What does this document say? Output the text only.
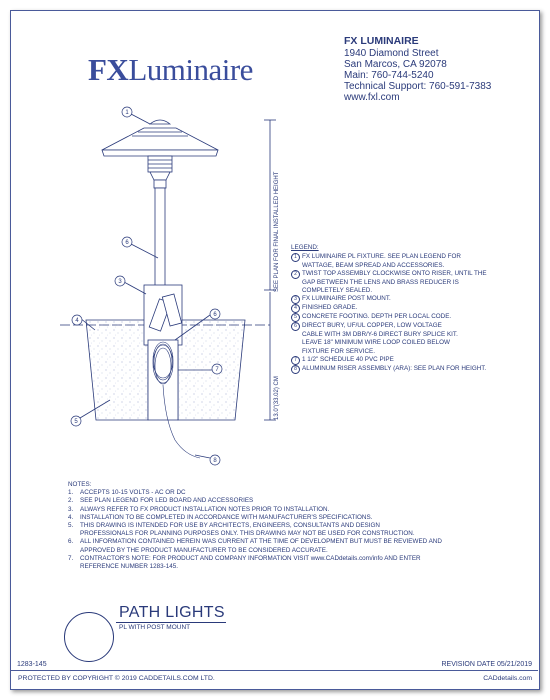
FXLuminaire
FX LUMINAIRE
1940 Diamond Street
San Marcos, CA 92078
Main: 760-744-5240
Technical Support: 760-591-7383
www.fxl.com
SEE PLAN FOR FINAL INSTALLED HEIGHT
13.0"(33.02) CM
1
6
3
4
6
7
5
8
LEGEND:
1 FX LUMINAIRE PL FIXTURE. SEE PLAN LEGEND FOR
WATTAGE, BEAM SPREAD AND ACCESSORIES.
2 TWIST TOP ASSEMBLY CLOCKWISE ONTO RISER, UNTIL THE
GAP BETWEEN THE LENS AND BRASS REDUCER IS
COMPLETELY SEALED.
3 FX LUMINAIRE POST MOUNT.
4 FINISHED GRADE.
5 CONCRETE FOOTING. DEPTH PER LOCAL CODE.
6 DIRECT BURY, UF/UL COPPER, LOW VOLTAGE
CABLE WITH 3M DBR/Y-6 DIRECT BURY SPLICE KIT.
LEAVE 18" MINIMUM WIRE LOOP COILED BELOW
FIXTURE FOR SERVICE.
7 1 1/2" SCHEDULE 40 PVC PIPE
8 ALUMINUM RISER ASSEMBLY (ARA): SEE PLAN FOR HEIGHT.
NOTES:
1.	ACCEPTS 10-15 VOLTS - AC OR DC
2.	SEE PLAN LEGEND FOR LED BOARD AND ACCESSORIES
3.	ALWAYS REFER TO FX PRODUCT INSTALLATION NOTES PRIOR TO INSTALLATION.
4.	INSTALLATION TO BE COMPLETED IN ACCORDANCE WITH MANUFACTURER'S SPECIFICATIONS.
5.	THIS DRAWING IS INTENDED FOR USE BY ARCHITECTS, ENGINEERS, CONSULTANTS AND DESIGN
PROFESSIONALS FOR PLANNING PURPOSES ONLY. THIS DRAWING MAY NOT BE USED FOR CONSTRUCTION.
6.	ALL INFORMATION CONTAINED HEREIN WAS CURRENT AT THE TIME OF DEVELOPMENT BUT MUST BE REVIEWED AND
APPROVED BY THE PRODUCT MANUFACTURER TO BE CONSIDERED ACCURATE.
7.	CONTRACTOR'S NOTE: FOR PRODUCT AND COMPANY INFORMATION VISIT www.CADdetails.com/info AND ENTER
REFERENCE NUMBER 1283-145.
PATH LIGHTS
PL WITH POST MOUNT
1283-145	REVISION DATE 05/21/2019
PROTECTED BY COPYRIGHT © 2019 CADDETAILS.COM LTD.	CADdetails.com
